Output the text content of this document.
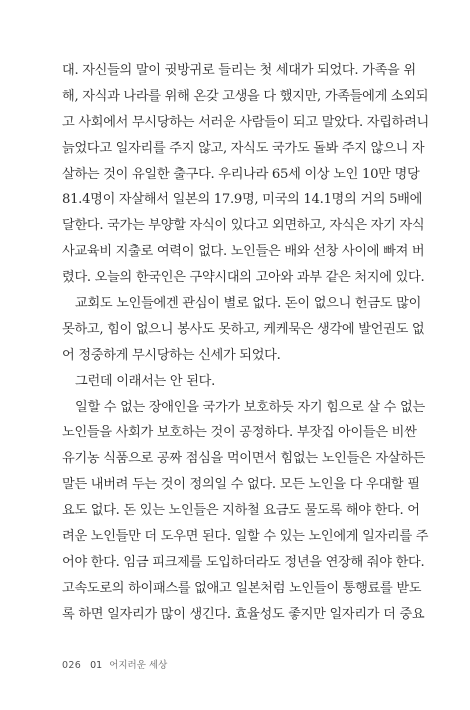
대. 자신들의 말이 귓방귀로 들리는 첫 세대가 되었다. 가족을 위
해, 자식과 나라를 위해 온갖 고생을 다 했지만, 가족들에게 소외되
고 사회에서 무시당하는 서러운 사람들이 되고 말았다. 자립하려니
늙었다고 일자리를 주지 않고, 자식도 국가도 돌봐 주지 않으니 자
살하는 것이 유일한 출구다. 우리나라 65세 이상 노인 10만 명당
81.4명이 자살해서 일본의 17.9명, 미국의 14.1명의 거의 5배에
달한다. 국가는 부양할 자식이 있다고 외면하고, 자식은 자기 자식
사교육비 지출로 여력이 없다. 노인들은 배와 선창 사이에 빠져 버
렸다. 오늘의 한국인은 구약시대의 고아와 과부 같은 처지에 있다.
교회도 노인들에겐 관심이 별로 없다. 돈이 없으니 헌금도 많이
못하고, 힘이 없으니 봉사도 못하고, 케케묵은 생각에 발언권도 없
어 정중하게 무시당하는 신세가 되었다.
그런데 이래서는 안 된다.
일할 수 없는 장애인을 국가가 보호하듯 자기 힘으로 살 수 없는
노인들을 사회가 보호하는 것이 공정하다. 부잣집 아이들은 비싼
유기농 식품으로 공짜 점심을 먹이면서 힘없는 노인들은 자살하든
말든 내버려 두는 것이 정의일 수 없다. 모든 노인을 다 우대할 필
요도 없다. 돈 있는 노인들은 지하철 요금도 물도록 해야 한다. 어
려운 노인들만 더 도우면 된다. 일할 수 있는 노인에게 일자리를 주
어야 한다. 임금 피크제를 도입하더라도 정년을 연장해 줘야 한다.
고속도로의 하이패스를 없애고 일본처럼 노인들이 통행료를 받도
록 하면 일자리가 많이 생긴다. 효율성도 좋지만 일자리가 더 중요
026 01 어지러운 세상
